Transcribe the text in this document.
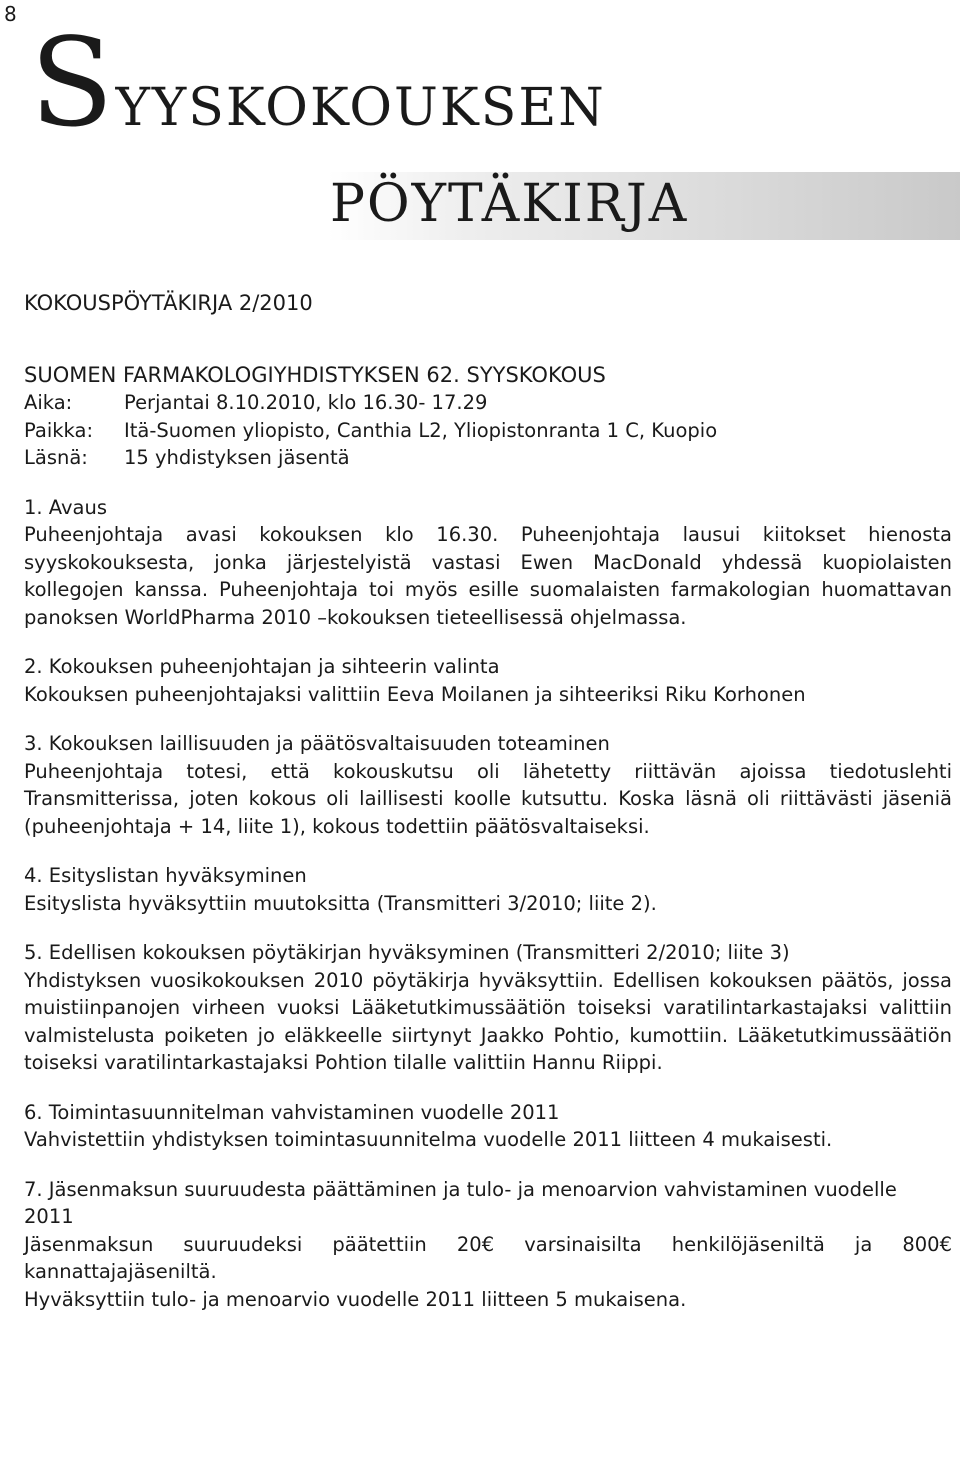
8 SYYSKOKOUKSEN
PÖYTÄKIRJA

KOKOUSPÖYTÄKIRJA 2/2010

SUOMEN FARMAKOLOGIYHDISTYKSEN 62. SYYSKOKOUS

Aika:	Perjantai 8.10.2010, klo 16.30- 17.29
Paikka:	Itä-Suomen yliopisto, Canthia L2, Yliopistonranta 1 C, Kuopio
Läsnä:	15 yhdistyksen jäsentä

1. Avaus

Puheenjohtaja avasi kokouksen klo 16.30. Puheenjohtaja lausui kiitokset hienosta syyskokouksesta, jonka järjestelyistä vastasi Ewen MacDonald yhdessä kuopiolaisten kollegojen kanssa. Puheenjohtaja toi myös esille suomalaisten farmakologian huomattavan panoksen WorldPharma 2010 –kokouksen tieteellisessä ohjelmassa.

2. Kokouksen puheenjohtajan ja sihteerin valinta

Kokouksen puheenjohtajaksi valittiin Eeva Moilanen ja sihteeriksi Riku Korhonen

3. Kokouksen laillisuuden ja päätösvaltaisuuden toteaminen

Puheenjohtaja totesi, että kokouskutsu oli lähetetty riittävän ajoissa tiedotuslehti Transmitterissa, joten kokous oli laillisesti koolle kutsuttu. Koska läsnä oli riittävästi jäseniä (puheenjohtaja + 14, liite 1), kokous todettiin päätösvaltaiseksi.

4. Esityslistan hyväksyminen

Esityslista hyväksyttiin muutoksitta (Transmitteri 3/2010; liite 2).

5. Edellisen kokouksen pöytäkirjan hyväksyminen (Transmitteri 2/2010; liite 3)

Yhdistyksen vuosikokouksen 2010 pöytäkirja hyväksyttiin. Edellisen kokouksen päätös, jossa muistiinpanojen virheen vuoksi Lääketutkimussäätiön toiseksi varatilintarkastajaksi valittiin valmistelusta poiketen jo eläkkeelle siirtynyt Jaakko Pohtio, kumottiin. Lääketutkimussäätiön toiseksi varatilintarkastajaksi Pohtion tilalle valittiin Hannu Riippi.

6. Toimintasuunnitelman vahvistaminen vuodelle 2011

Vahvistettiin yhdistyksen toimintasuunnitelma vuodelle 2011 liitteen 4 mukaisesti.

7. Jäsenmaksun suuruudesta päättäminen ja tulo- ja menoarvion vahvistaminen vuodelle 2011

Jäsenmaksun suuruudeksi päätettiin 20€ varsinaisilta henkilöjäseniltä ja 800€ kannattajajäseniltä.

Hyväksyttiin tulo- ja menoarvio vuodelle 2011 liitteen 5 mukaisena.
